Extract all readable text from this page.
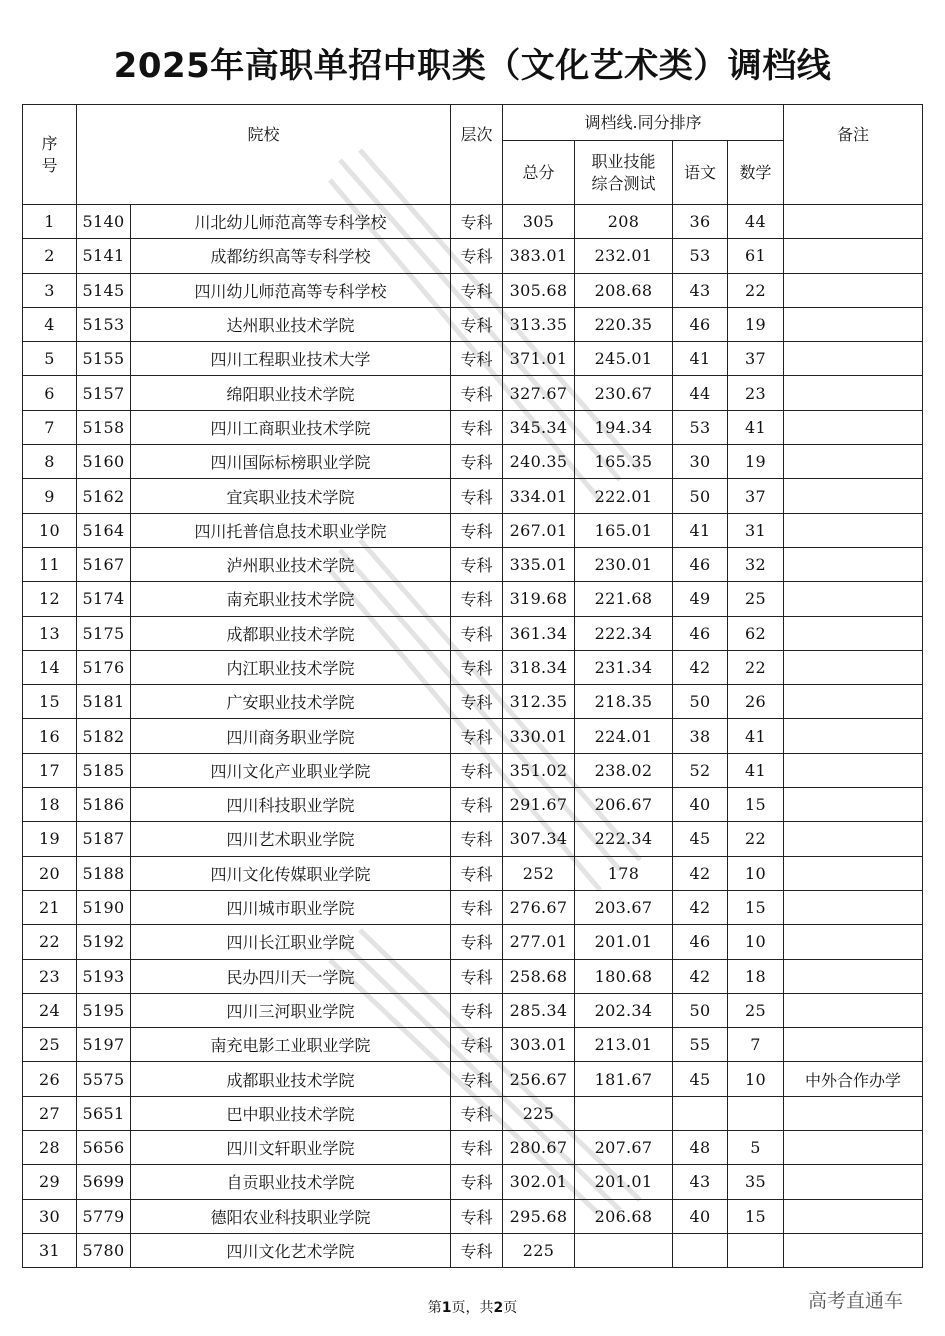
2025年高职单招中职类（文化艺术类）调档线
序号	院校		层次	调档线.同分排序				备注
				总分	职业技能综合测试	语文	数学	
1	5140	川北幼儿师范高等专科学校	专科	305	208	36	44	
2	5141	成都纺织高等专科学校	专科	383.01	232.01	53	61	
3	5145	四川幼儿师范高等专科学校	专科	305.68	208.68	43	22	
4	5153	达州职业技术学院	专科	313.35	220.35	46	19	
5	5155	四川工程职业技术大学	专科	371.01	245.01	41	37	
6	5157	绵阳职业技术学院	专科	327.67	230.67	44	23	
7	5158	四川工商职业技术学院	专科	345.34	194.34	53	41	
8	5160	四川国际标榜职业学院	专科	240.35	165.35	30	19	
9	5162	宜宾职业技术学院	专科	334.01	222.01	50	37	
10	5164	四川托普信息技术职业学院	专科	267.01	165.01	41	31	
11	5167	泸州职业技术学院	专科	335.01	230.01	46	32	
12	5174	南充职业技术学院	专科	319.68	221.68	49	25	
13	5175	成都职业技术学院	专科	361.34	222.34	46	62	
14	5176	内江职业技术学院	专科	318.34	231.34	42	22	
15	5181	广安职业技术学院	专科	312.35	218.35	50	26	
16	5182	四川商务职业学院	专科	330.01	224.01	38	41	
17	5185	四川文化产业职业学院	专科	351.02	238.02	52	41	
18	5186	四川科技职业学院	专科	291.67	206.67	40	15	
19	5187	四川艺术职业学院	专科	307.34	222.34	45	22	
20	5188	四川文化传媒职业学院	专科	252	178	42	10	
21	5190	四川城市职业学院	专科	276.67	203.67	42	15	
22	5192	四川长江职业学院	专科	277.01	201.01	46	10	
23	5193	民办四川天一学院	专科	258.68	180.68	42	18	
24	5195	四川三河职业学院	专科	285.34	202.34	50	25	
25	5197	南充电影工业职业学院	专科	303.01	213.01	55	7	
26	5575	成都职业技术学院	专科	256.67	181.67	45	10	中外合作办学
27	5651	巴中职业技术学院	专科	225				
28	5656	四川文轩职业学院	专科	280.67	207.67	48	5	
29	5699	自贡职业技术学院	专科	302.01	201.01	43	35	
30	5779	德阳农业科技职业学院	专科	295.68	206.68	40	15	
31	5780	四川文化艺术学院	专科	225				
第1页，共2页	高考直通车
